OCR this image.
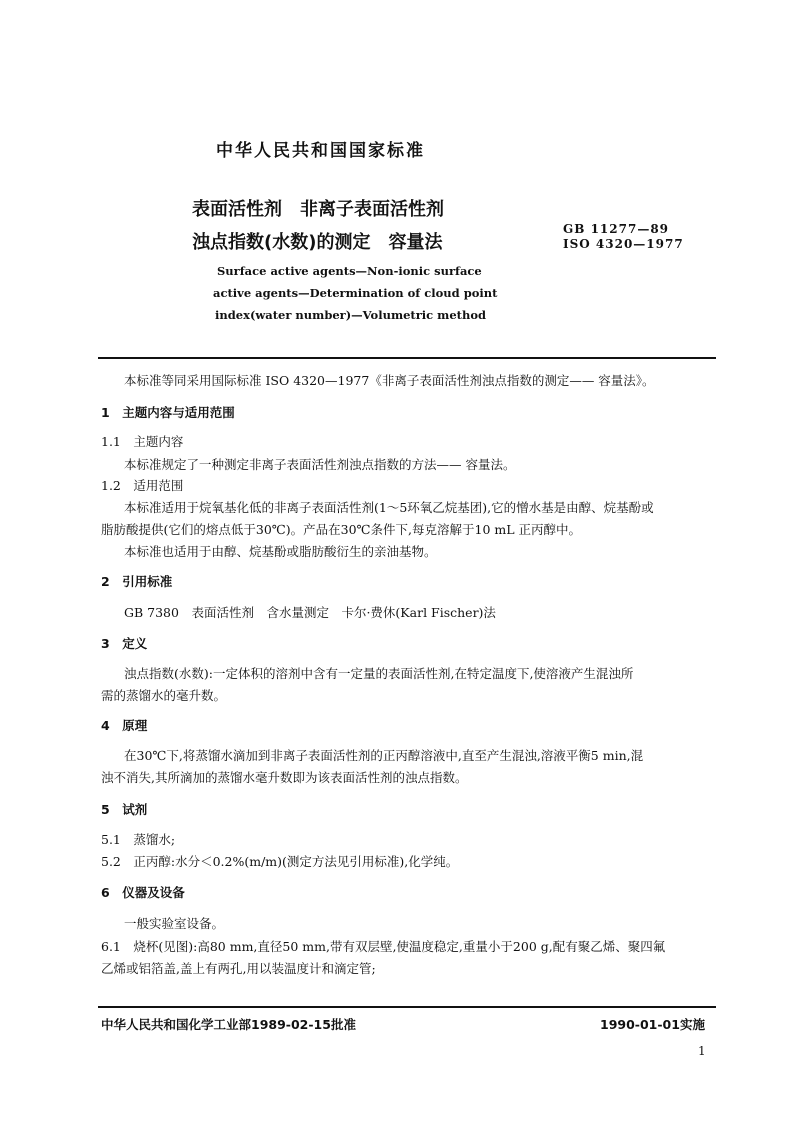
中华人民共和国国家标准
表面活性剂　非离子表面活性剂
浊点指数(水数)的测定　容量法
GB 11277—89
ISO 4320—1977
Surface active agents—Non-ionic surface
active agents—Determination of cloud point
index(water number)—Volumetric method
本标准等同采用国际标准 ISO 4320—1977《非离子表面活性剂浊点指数的测定—— 容量法》。
1　主题内容与适用范围
1.1　主题内容
本标准规定了一种测定非离子表面活性剂浊点指数的方法—— 容量法。
1.2　适用范围
本标准适用于烷氧基化低的非离子表面活性剂(1～5环氧乙烷基团),它的憎水基是由醇、烷基酚或
脂肪酸提供(它们的熔点低于30℃)。产品在30℃条件下,每克溶解于10 mL 正丙醇中。
本标准也适用于由醇、烷基酚或脂肪酸衍生的亲油基物。
2　引用标准
GB 7380　表面活性剂　含水量测定　卡尔·费休(Karl Fischer)法
3　定义
浊点指数(水数):一定体积的溶剂中含有一定量的表面活性剂,在特定温度下,使溶液产生混浊所
需的蒸馏水的毫升数。
4　原理
在30℃下,将蒸馏水滴加到非离子表面活性剂的正丙醇溶液中,直至产生混浊,溶液平衡5 min,混
浊不消失,其所滴加的蒸馏水毫升数即为该表面活性剂的浊点指数。
5　试剂
5.1　蒸馏水;
5.2　正丙醇:水分＜0.2%(m/m)(测定方法见引用标准),化学纯。
6　仪器及设备
一般实验室设备。
6.1　烧杯(见图):高80 mm,直径50 mm,带有双层壁,使温度稳定,重量小于200 g,配有聚乙烯、聚四氟
乙烯或铝箔盖,盖上有两孔,用以装温度计和滴定管;
中华人民共和国化学工业部1989-02-15批准	1990-01-01实施
1
